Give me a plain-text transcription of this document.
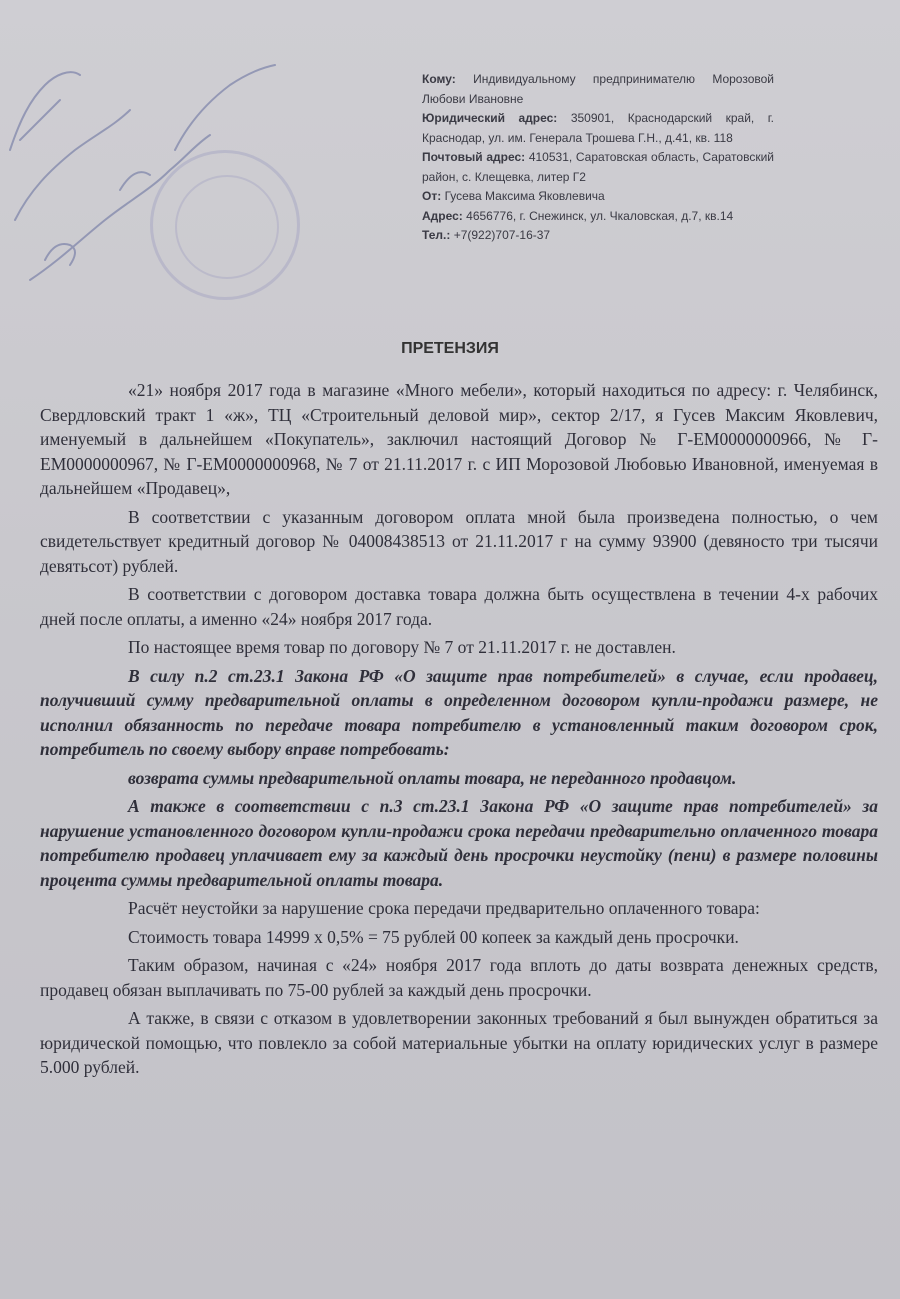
Кому: Индивидуальному предпринимателю Морозовой Любови Ивановне
Юридический адрес: 350901, Краснодарский край, г. Краснодар, ул. им. Генерала Трошева Г.Н., д.41, кв. 118
Почтовый адрес: 410531, Саратовская область, Саратовский район, с. Клещевка, литер Г2
От: Гусева Максима Яковлевича
Адрес: 4656776, г. Снежинск, ул. Чкаловская, д.7, кв.14
Тел.: +7(922)707-16-37
ПРЕТЕНЗИЯ

«21» ноября 2017 года в магазине «Много мебели», который находиться по адресу: г. Челябинск, Свердловский тракт 1 «ж», ТЦ «Строительный деловой мир», сектор 2/17, я Гусев Максим Яковлевич, именуемый в дальнейшем «Покупатель», заключил настоящий Договор № Г-ЕМ0000000966, № Г-ЕМ0000000967, № Г-ЕМ0000000968, № 7 от 21.11.2017 г. с ИП Морозовой Любовью Ивановной, именуемая в дальнейшем «Продавец»,

В соответствии с указанным договором оплата мной была произведена полностью, о чем свидетельствует кредитный договор № 04008438513 от 21.11.2017 г на сумму 93900 (девяносто три тысячи девятьсот) рублей.

В соответствии с договором доставка товара должна быть осуществлена в течении 4-х рабочих дней после оплаты, а именно «24» ноября 2017 года.

По настоящее время товар по договору № 7 от 21.11.2017 г. не доставлен.

В силу п.2 ст.23.1 Закона РФ «О защите прав потребителей» в случае, если продавец, получивший сумму предварительной оплаты в определенном договором купли-продажи размере, не исполнил обязанность по передаче товара потребителю в установленный таким договором срок, потребитель по своему выбору вправе потребовать:

возврата суммы предварительной оплаты товара, не переданного продавцом.

А также в соответствии с п.3 ст.23.1 Закона РФ «О защите прав потребителей» за нарушение установленного договором купли-продажи срока передачи предварительно оплаченного товара потребителю продавец уплачивает ему за каждый день просрочки неустойку (пени) в размере половины процента суммы предварительной оплаты товара.

Расчёт неустойки за нарушение срока передачи предварительно оплаченного товара:

Стоимость товара 14999 х 0,5% = 75 рублей 00 копеек за каждый день просрочки.

Таким образом, начиная с «24» ноября 2017 года вплоть до даты возврата денежных средств, продавец обязан выплачивать по 75-00 рублей за каждый день просрочки.

А также, в связи с отказом в удовлетворении законных требований я был вынужден обратиться за юридической помощью, что повлекло за собой материальные убытки на оплату юридических услуг в размере 5.000 рублей.
